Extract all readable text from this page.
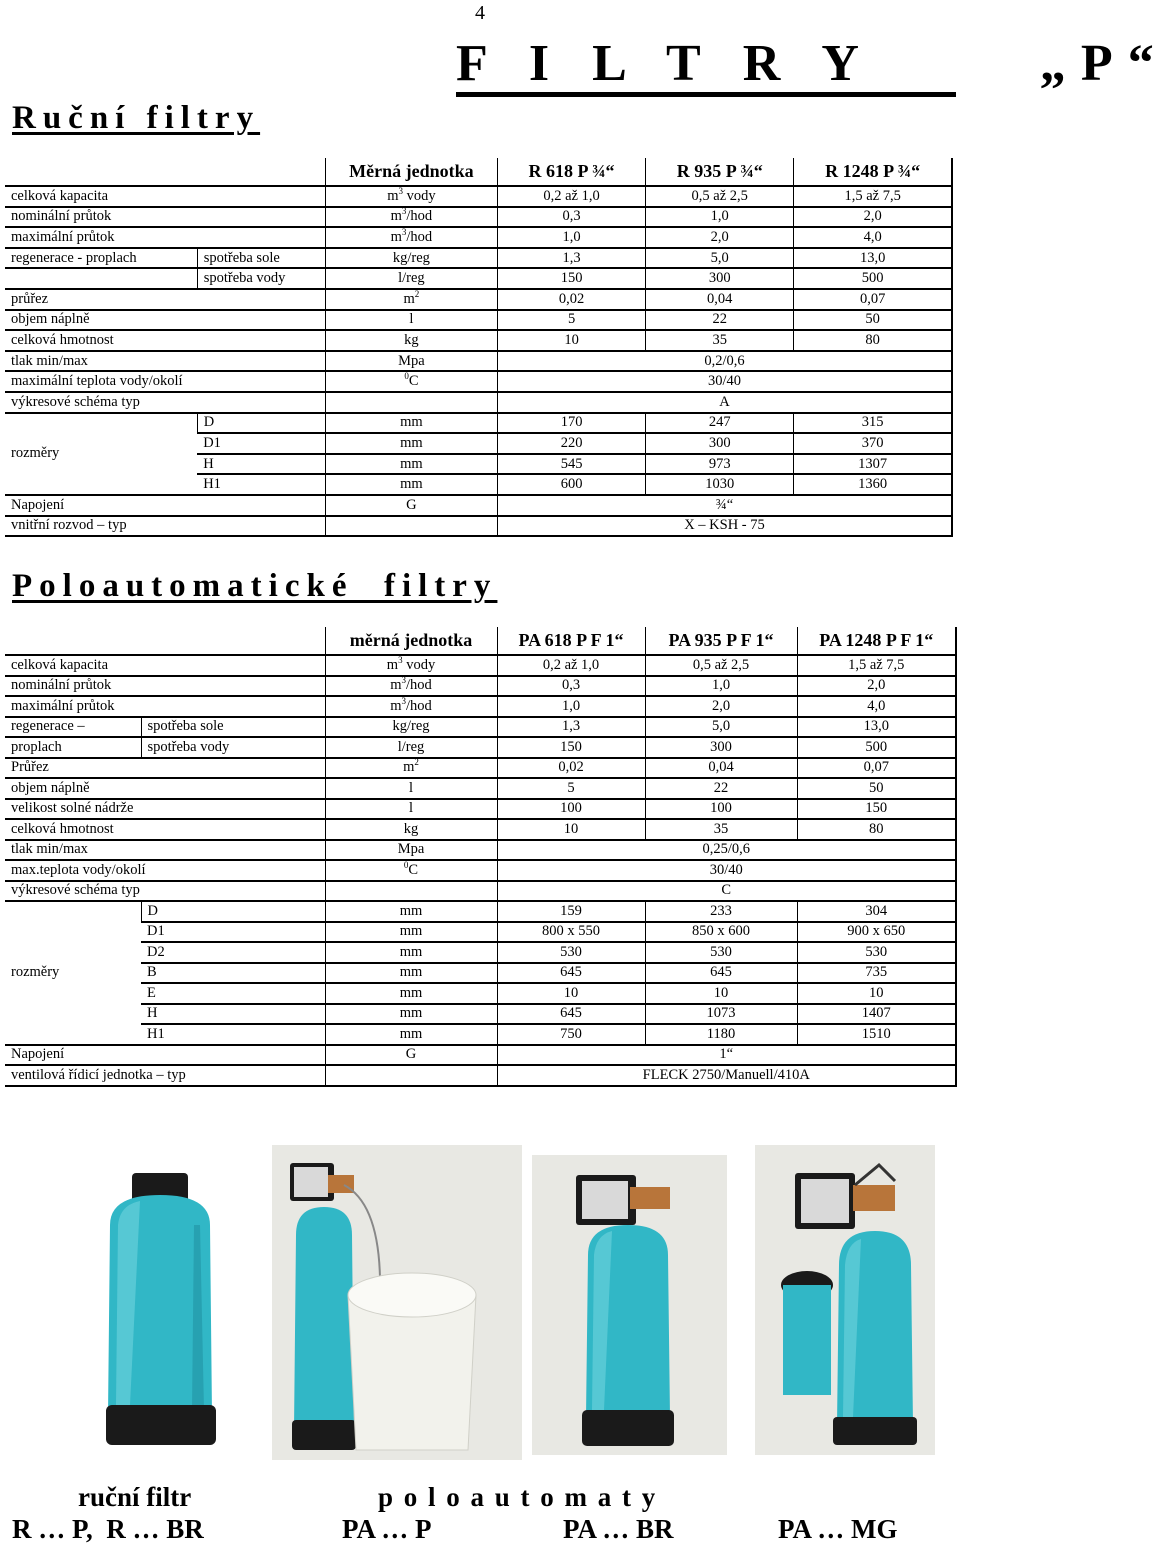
4
F I L T R Y      „P“
Ruční filtry
		Měrná jednotka	R 618 P ¾“	R 935 P ¾“	R 1248 P ¾“
celková kapacita		$m^3$ vody	0,2 až 1,0	0,5 až 2,5	1,5 až 7,5
nominální průtok		$m^3$/hod	0,3	1,0	2,0
maximální průtok		$m^3$/hod	1,0	2,0	4,0
regenerace - proplach	spotřeba sole	kg/reg	1,3	5,0	13,0
	spotřeba vody	l/reg	150	300	500
průřez		$m^2$	0,02	0,04	0,07
objem náplně		l	5	22	50
celková hmotnost		kg	10	35	80
tlak min/max		Mpa	0,2/0,6		
maximální teplota vody/okolí		$^0$C	30/40		
výkresové schéma typ			A		
rozměry	D	mm	170	247	315
	D1	mm	220	300	370
	H	mm	545	973	1307
	H1	mm	600	1030	1360
Napojení		G	¾“		
vnitřní rozvod – typ			X – KSH - 75		
Poloautomatické  filtry
		měrná jednotka	PA 618 P F 1“	PA 935 P F 1“	PA 1248 P F 1“
celková kapacita		$m^3$ vody	0,2 až 1,0	0,5 až 2,5	1,5 až 7,5
nominální průtok		$m^3$/hod	0,3	1,0	2,0
maximální průtok		$m^3$/hod	1,0	2,0	4,0
regenerace –	spotřeba sole	kg/reg	1,3	5,0	13,0
proplach	spotřeba vody	l/reg	150	300	500
Průřez		$m^2$	0,02	0,04	0,07
objem náplně		l	5	22	50
velikost solné nádrže		l	100	100	150
celková hmotnost		kg	10	35	80
tlak min/max		Mpa	0,25/0,6		
max.teplota vody/okolí		$^0$C	30/40		
výkresové schéma typ			C		
rozměry	D	mm	159	233	304
	D1	mm	800 x 550	850 x 600	900 x 650
	D2	mm	530	530	530
	B	mm	645	645	735
	E	mm	10	10	10
	H	mm	645	1073	1407
	H1	mm	750	1180	1510
Napojení		G	1“		
ventilová řídicí jednotka – typ			FLECK 2750/Manuell/410A		
ruční filtr	p o l o a u t o m a t y
R … P,  R … BR	PA … P	PA … BR	PA … MG
